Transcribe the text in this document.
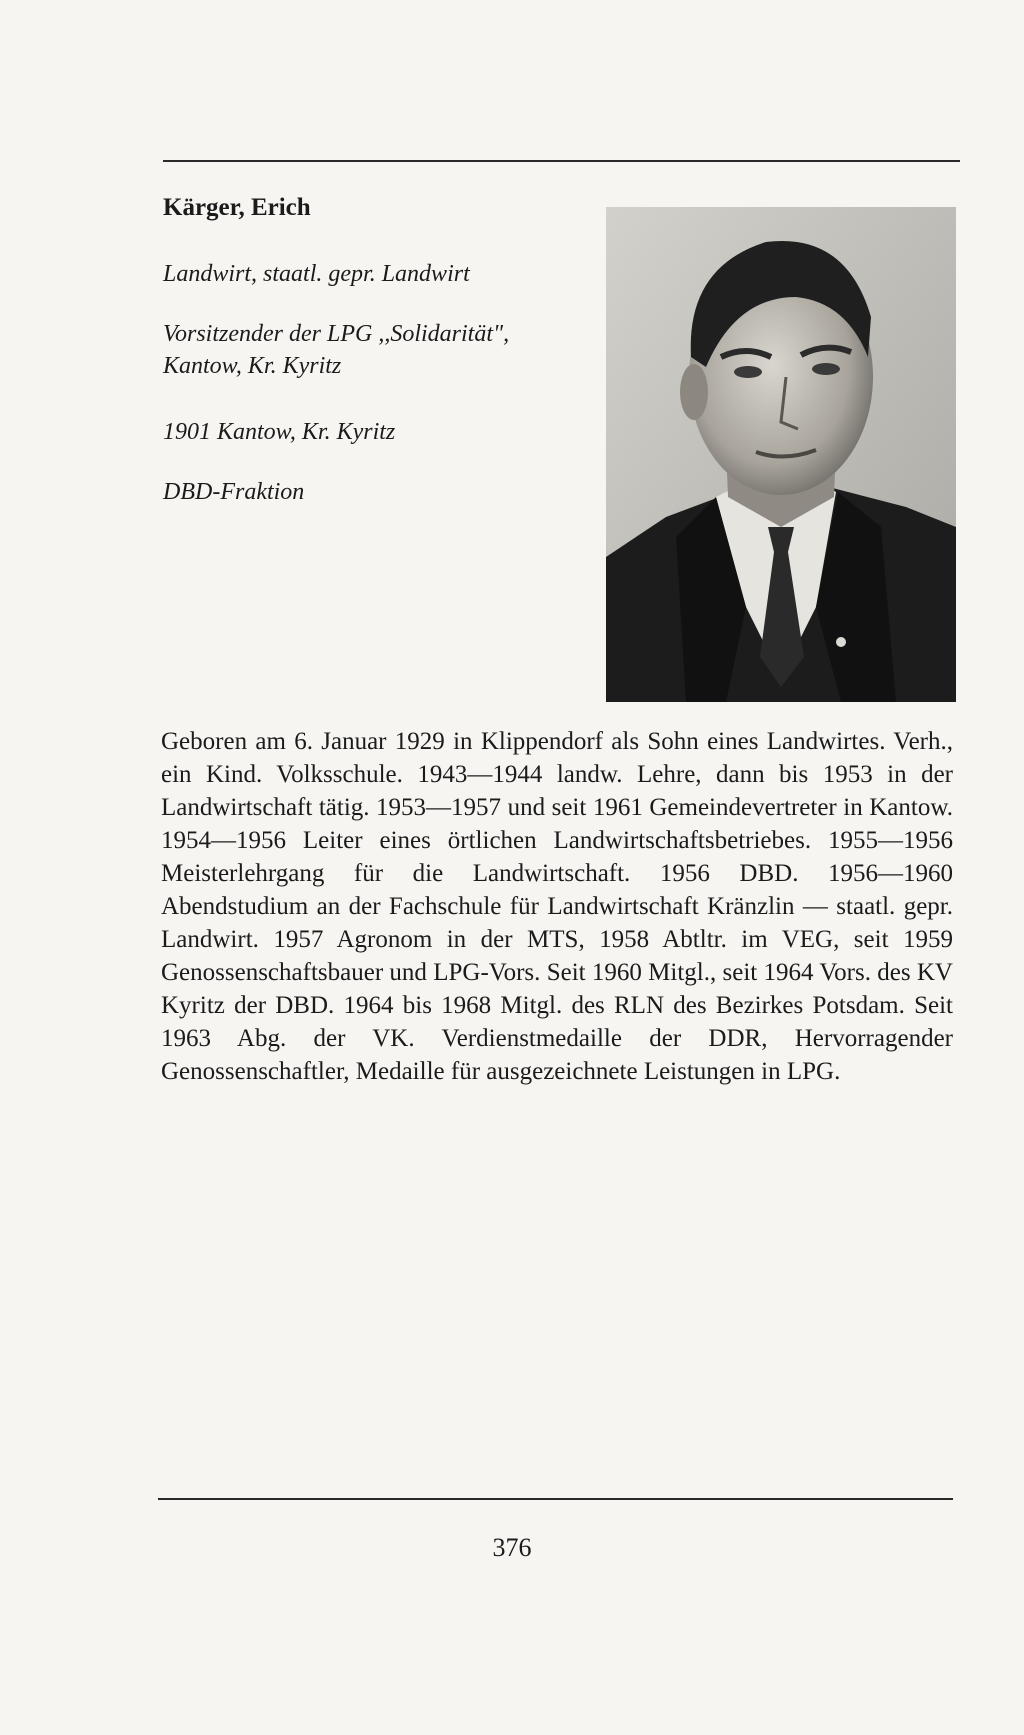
Kärger, Erich

Landwirt, staatl. gepr. Landwirt

Vorsitzender der LPG ,,Solidarität",

Kantow, Kr. Kyritz

1901 Kantow, Kr. Kyritz

DBD-Fraktion

Geboren am 6. Januar 1929 in Klippendorf als Sohn eines Landwirtes. Verh., ein Kind. Volksschule. 1943—1944 landw. Lehre, dann bis 1953 in der Landwirtschaft tätig. 1953—1957 und seit 1961 Gemeindevertreter in Kantow. 1954—1956 Leiter eines örtlichen Landwirtschaftsbetriebes. 1955—1956 Meisterlehrgang für die Landwirtschaft. 1956 DBD. 1956—1960 Abendstudium an der Fachschule für Landwirtschaft Kränzlin — staatl. gepr. Landwirt. 1957 Agronom in der MTS, 1958 Abtltr. im VEG, seit 1959 Genossenschaftsbauer und LPG-Vors. Seit 1960 Mitgl., seit 1964 Vors. des KV Kyritz der DBD. 1964 bis 1968 Mitgl. des RLN des Bezirkes Potsdam. Seit 1963 Abg. der VK. Verdienstmedaille der DDR, Hervorragender Genossenschaftler, Medaille für ausgezeichnete Leistungen in LPG.

376
